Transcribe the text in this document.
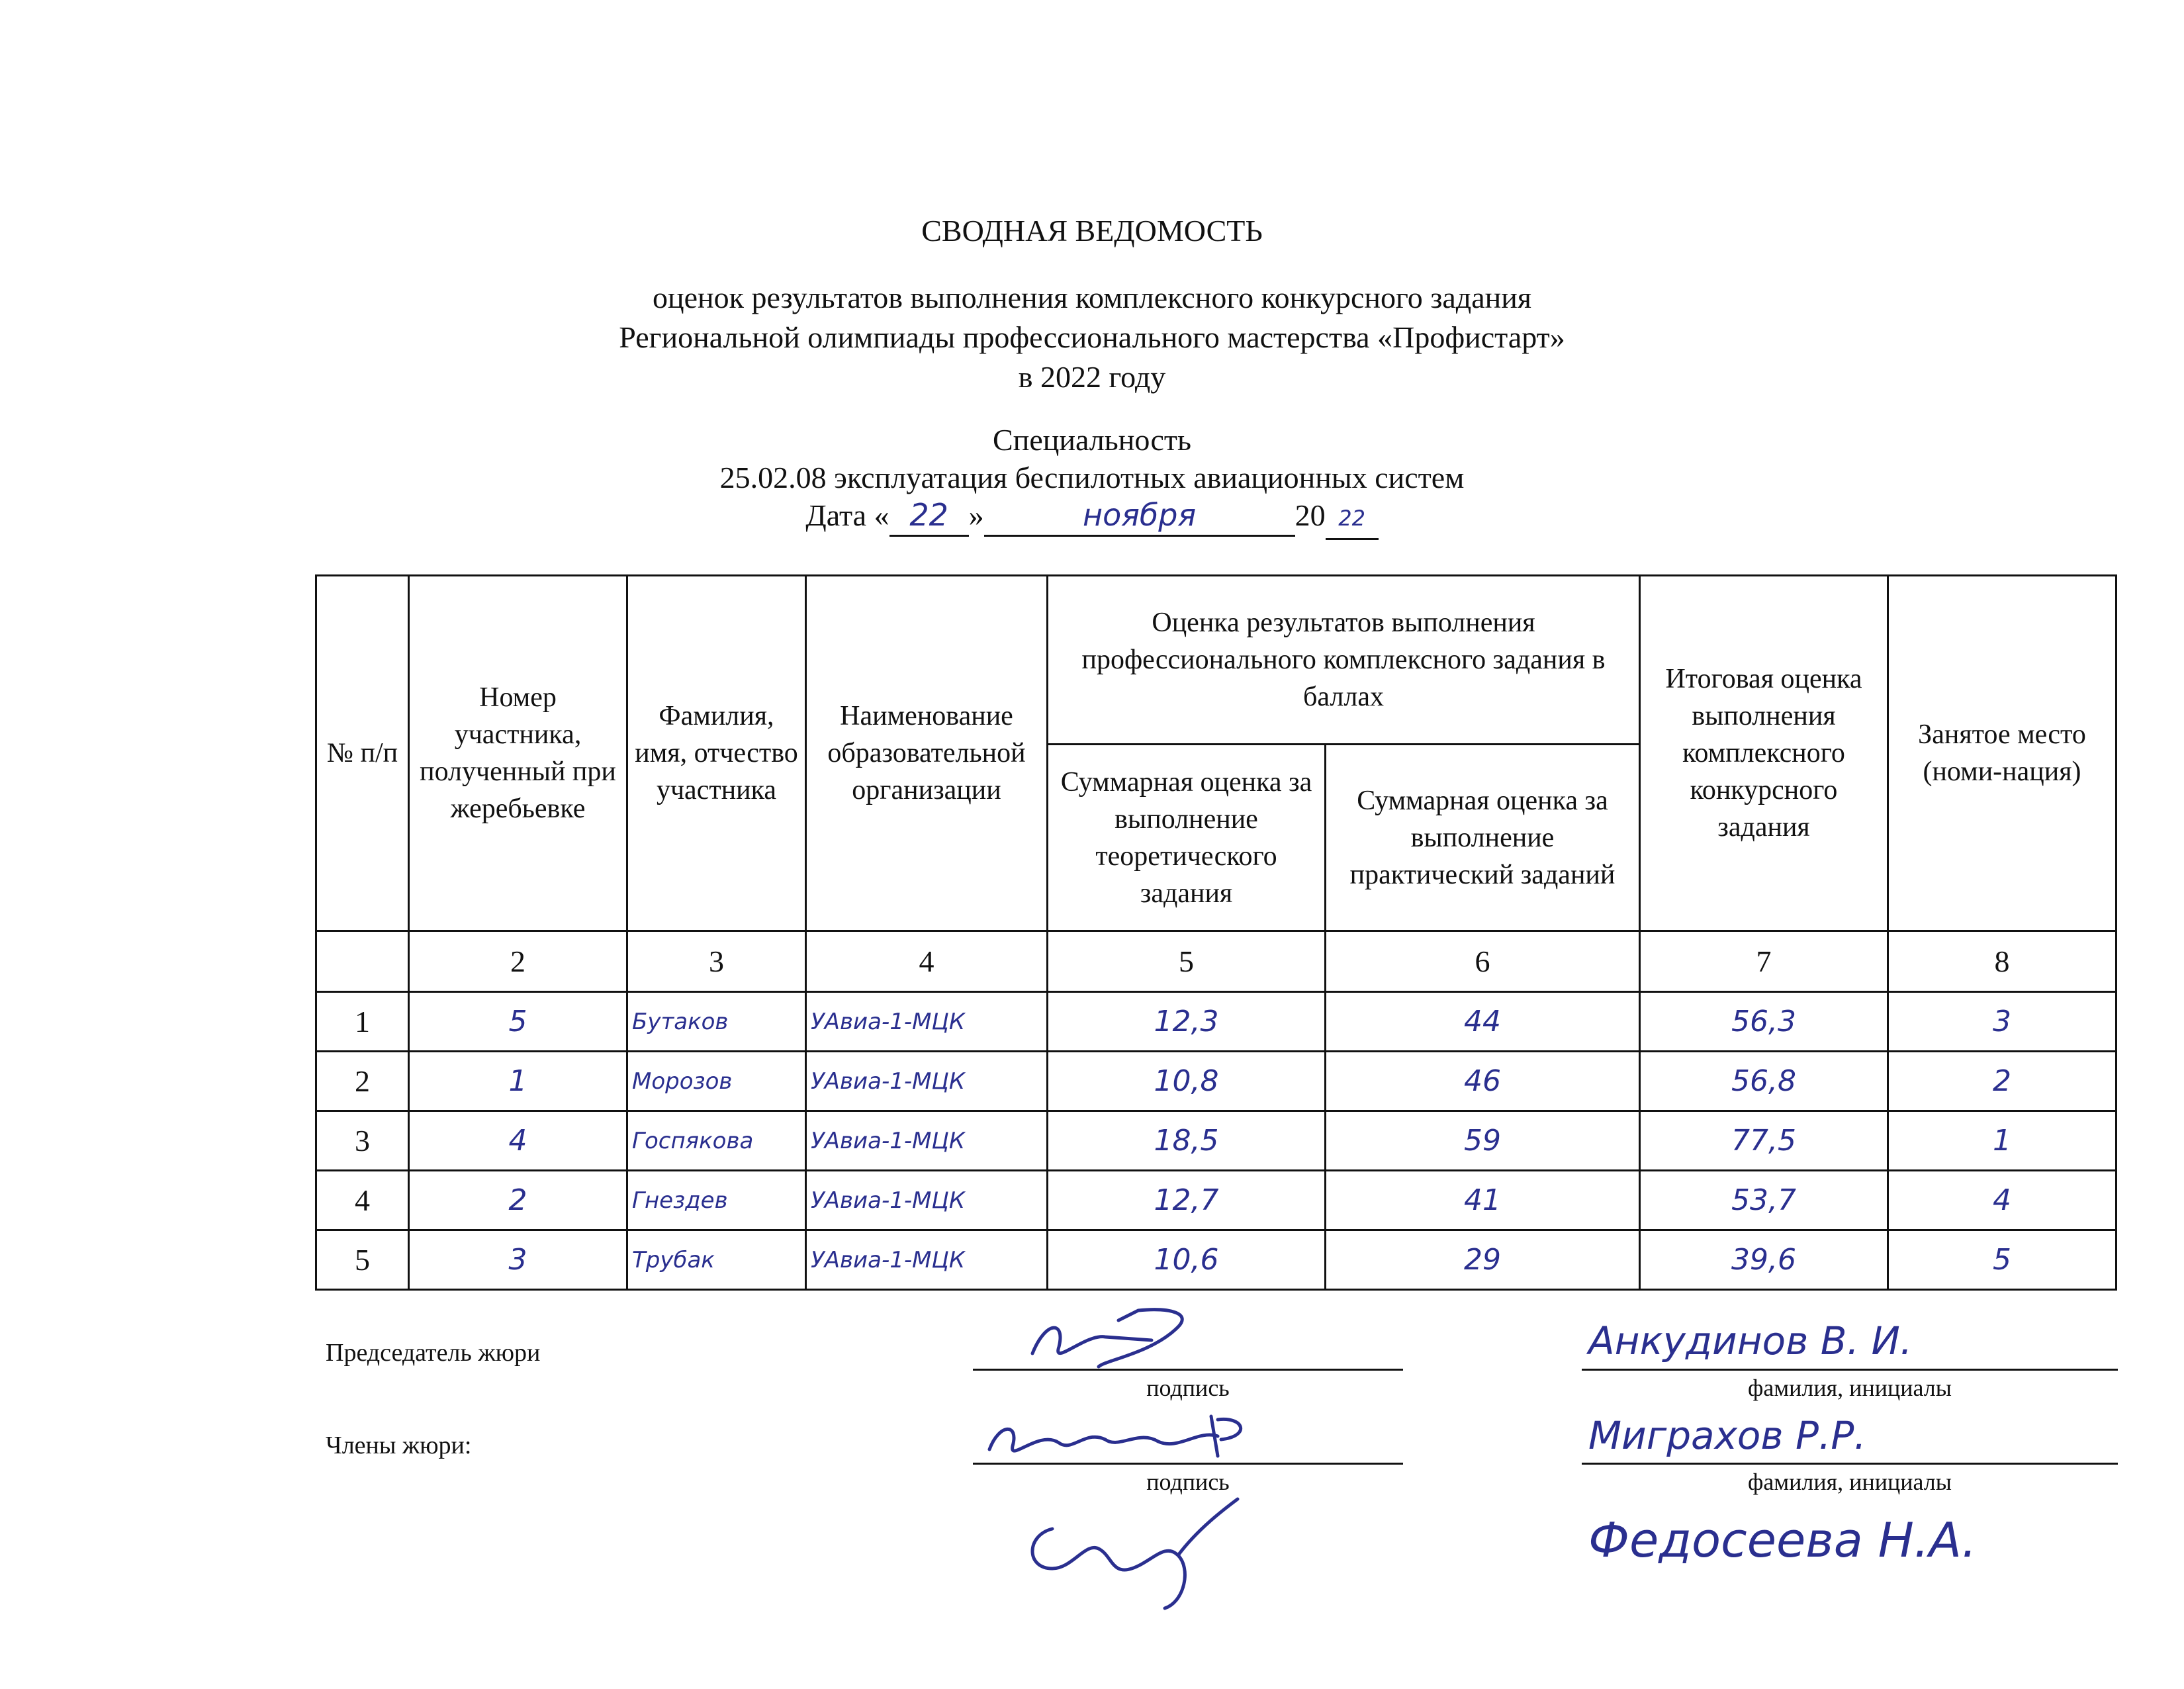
СВОДНАЯ ВЕДОМОСТЬ
оценок результатов выполнения комплексного конкурсного задания
Региональной олимпиады профессионального мастерства «Профистарт»
в 2022 году
Специальность
25.02.08 эксплуатация беспилотных авиационных систем
Дата « 22 »	ноября	20 22
№ п/п	Номер участника, полученный при жеребьевке	Фамилия, имя, отчество участника	Наименование образовательной организации	Оценка результатов выполнения профессионального комплексного задания в баллах		Итоговая оценка выполнения комплексного конкурсного задания	Занятое место (номи-нация)
				Суммарная оценка за выполнение теоретического задания	Суммарная оценка за выполнение практический заданий		
	2	3	4	5	6	7	8
1	5	Бутаков	УАвиа-1-МЦК	12,3	44	56,3	3
2	1	Морозов	УАвиа-1-МЦК	10,8	46	56,8	2
3	4	Госпякова	УАвиа-1-МЦК	18,5	59	77,5	1
4	2	Гнездев	УАвиа-1-МЦК	12,7	41	53,7	4
5	3	Трубак	УАвиа-1-МЦК	10,6	29	39,6	5
Председатель жюри
подпись
Анкудинов В. И.
фамилия, инициалы
Члены жюри:
подпись
Миграхов Р.Р.
фамилия, инициалы
Федосеева Н.А.
